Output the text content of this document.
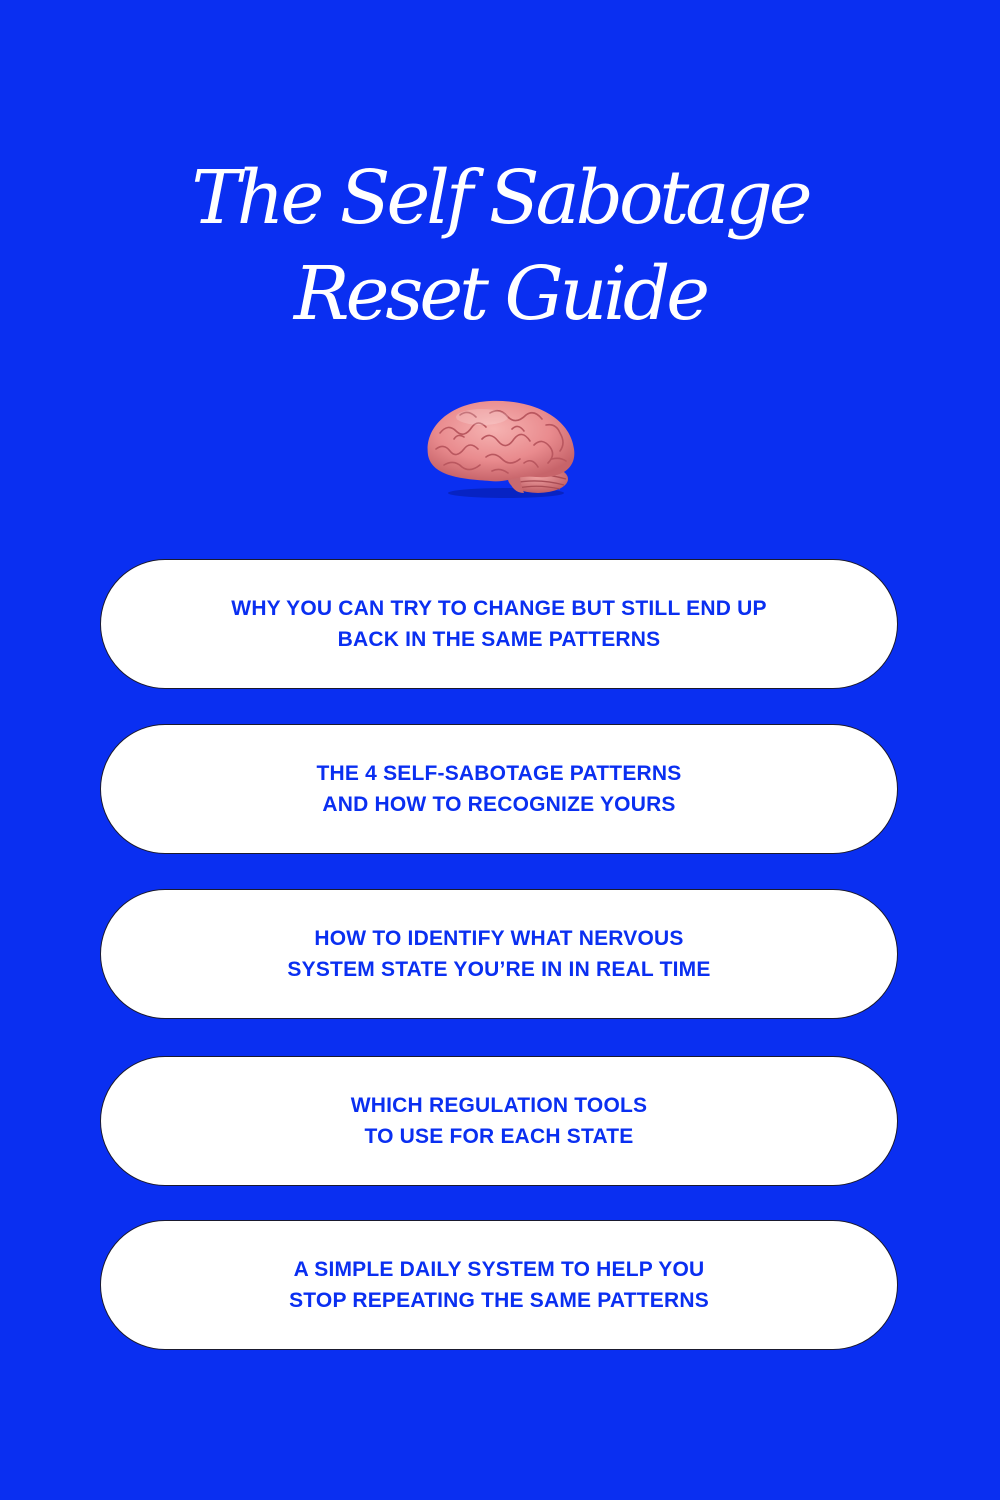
The Self Sabotage
Reset Guide
WHY YOU CAN TRY TO CHANGE BUT STILL END UP
BACK IN THE SAME PATTERNS
THE 4 SELF-SABOTAGE PATTERNS
AND HOW TO RECOGNIZE YOURS
HOW TO IDENTIFY WHAT NERVOUS
SYSTEM STATE YOU’RE IN IN REAL TIME
WHICH REGULATION TOOLS
TO USE FOR EACH STATE
A SIMPLE DAILY SYSTEM TO HELP YOU
STOP REPEATING THE SAME PATTERNS
